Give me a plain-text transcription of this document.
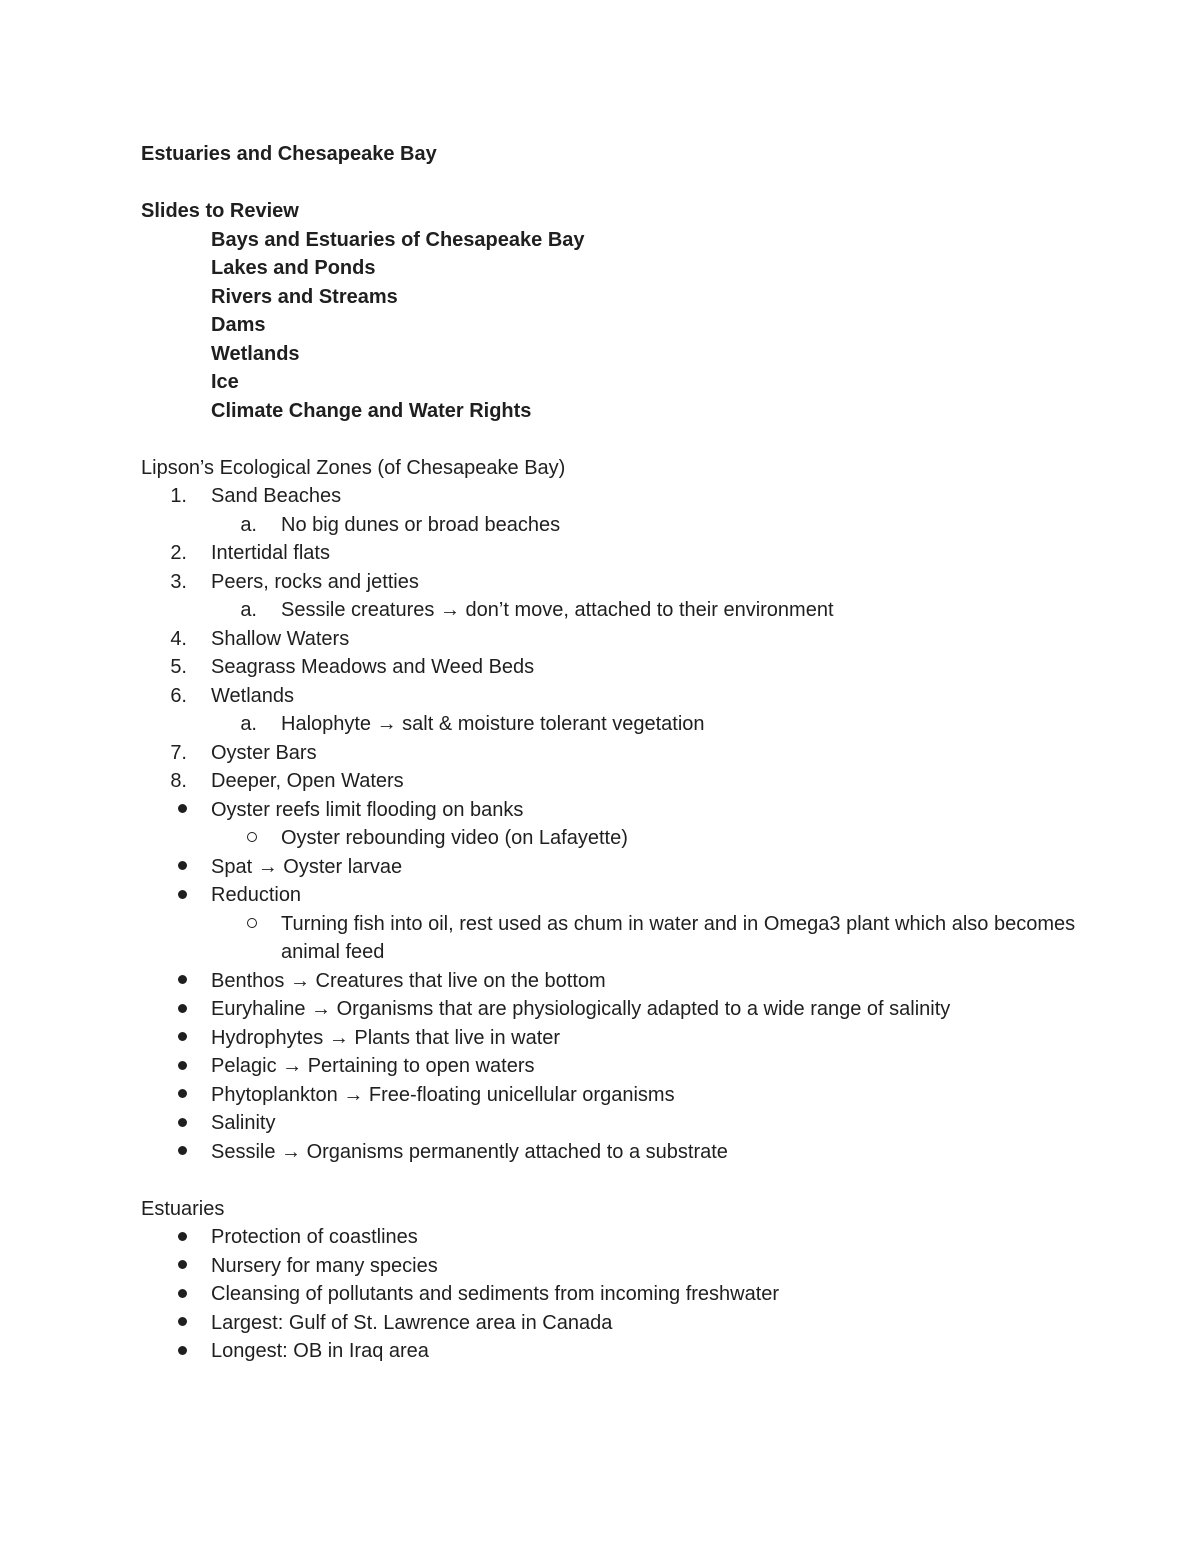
Estuaries and Chesapeake Bay
Slides to Review
Bays and Estuaries of Chesapeake Bay
Lakes and Ponds
Rivers and Streams
Dams
Wetlands
Ice
Climate Change and Water Rights
Lipson’s Ecological Zones (of Chesapeake Bay)
1.	Sand Beaches
a.	No big dunes or broad beaches
2.	Intertidal flats
3.	Peers, rocks and jetties
a.	Sessile creatures → don’t move, attached to their environment
4.	Shallow Waters
5.	Seagrass Meadows and Weed Beds
6.	Wetlands
a.	Halophyte → salt & moisture tolerant vegetation
7.	Oyster Bars
8.	Deeper, Open Waters
Oyster reefs limit flooding on banks
Oyster rebounding video (on Lafayette)
Spat → Oyster larvae
Reduction
Turning fish into oil, rest used as chum in water and in Omega3 plant which also becomes animal feed
Benthos → Creatures that live on the bottom
Euryhaline → Organisms that are physiologically adapted to a wide range of salinity
Hydrophytes → Plants that live in water
Pelagic → Pertaining to open waters
Phytoplankton → Free-floating unicellular organisms
Salinity
Sessile → Organisms permanently attached to a substrate
Estuaries
Protection of coastlines
Nursery for many species
Cleansing of pollutants and sediments from incoming freshwater
Largest: Gulf of St. Lawrence area in Canada
Longest: OB in Iraq area
